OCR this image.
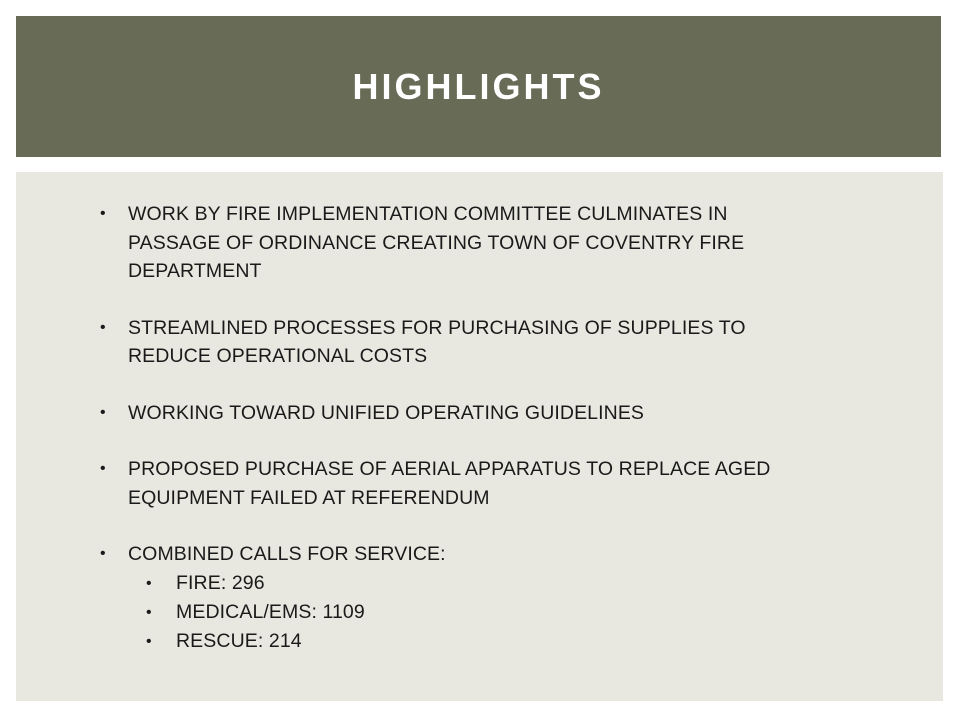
HIGHLIGHTS
• WORK BY FIRE IMPLEMENTATION COMMITTEE CULMINATES IN PASSAGE OF ORDINANCE CREATING TOWN OF COVENTRY FIRE DEPARTMENT
• STREAMLINED PROCESSES FOR PURCHASING OF SUPPLIES TO REDUCE OPERATIONAL COSTS
• WORKING TOWARD UNIFIED OPERATING GUIDELINES
• PROPOSED PURCHASE OF AERIAL APPARATUS TO REPLACE AGED EQUIPMENT FAILED AT REFERENDUM
• COMBINED CALLS FOR SERVICE:
• FIRE: 296
• MEDICAL/EMS: 1109
• RESCUE: 214
